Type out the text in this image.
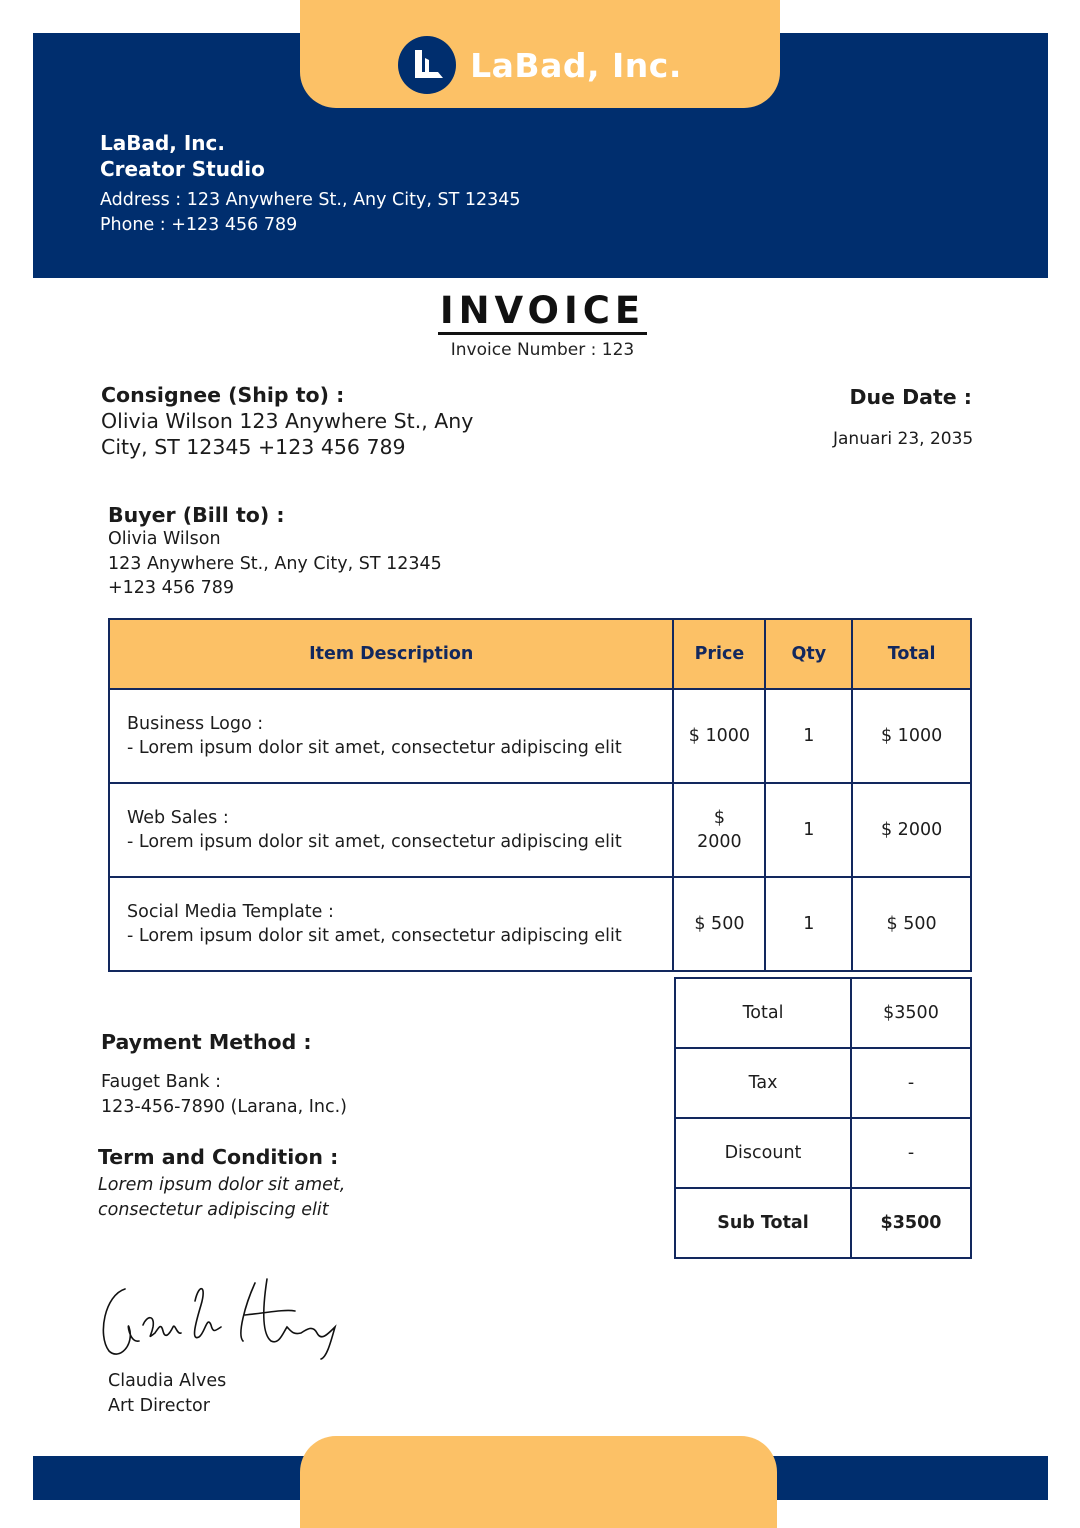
LaBad, Inc.
LaBad, Inc.
Creator Studio
Address : 123 Anywhere St., Any City, ST 12345
Phone : +123 456 789
INVOICE
Invoice Number : 123
Consignee (Ship to) :
Olivia Wilson 123 Anywhere St., Any City, ST 12345 +123 456 789
Due Date :
Januari 23, 2035
Buyer (Bill to) :
Olivia Wilson
123 Anywhere St., Any City, ST 12345
+123 456 789
Item Description	Price	Qty	Total

Business Logo :
- Lorem ipsum dolor sit amet, consectetur adipiscing elit	$ 1000	1	$ 1000

Web Sales :
- Lorem ipsum dolor sit amet, consectetur adipiscing elit	$ 2000	1	$ 2000

Social Media Template :
- Lorem ipsum dolor sit amet, consectetur adipiscing elit	$ 500	1	$ 500
Total	$3500
Tax	-
Discount	-
Sub Total	$3500
Payment Method :
Fauget Bank :
123-456-7890 (Larana, Inc.)
Term and Condition :
Lorem ipsum dolor sit amet,
consectetur adipiscing elit
Claudia Alves
Art Director
